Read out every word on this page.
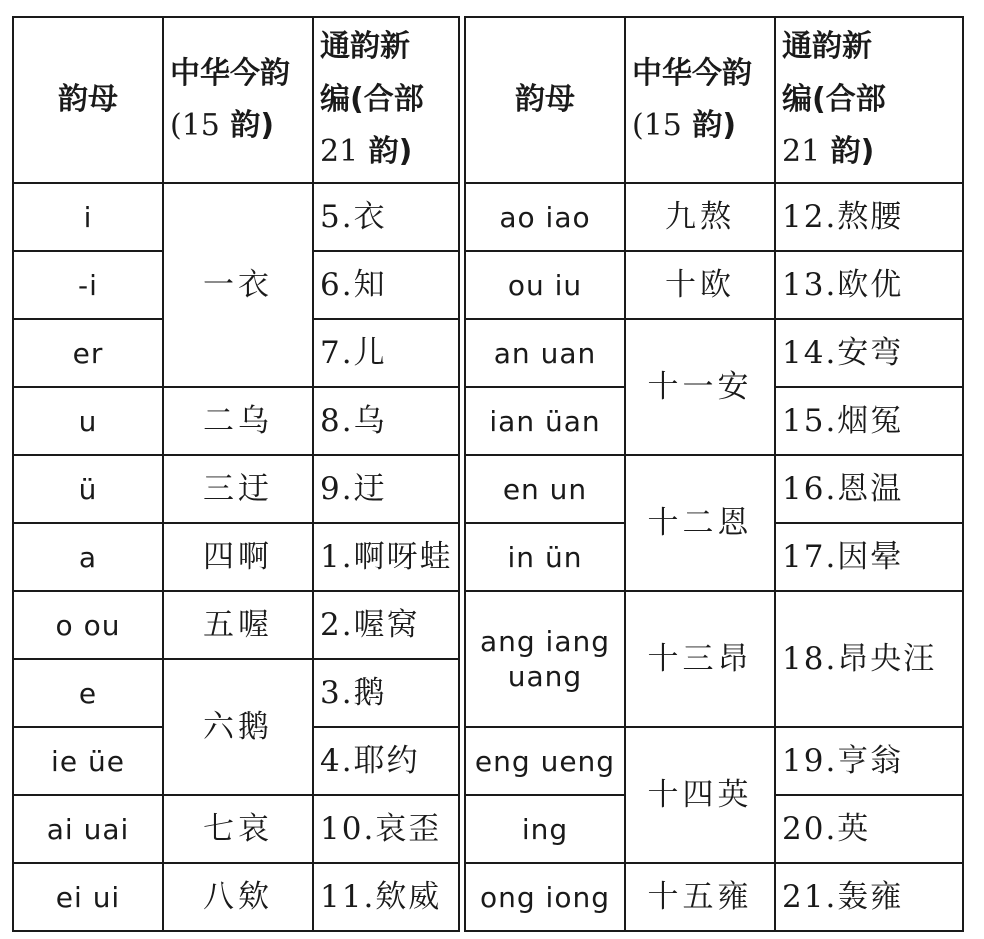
韵母	中华今韵
(15 韵)	通韵新
编(合部
21 韵)
i	一衣	5.衣
-i		6.知
er		7.儿
u	二乌	8.乌
ü	三迂	9.迂
a	四啊	1.啊呀蛙
o ou	五喔	2.喔窝
e	六鹅	3.鹅
ie üe		4.耶约
ai uai	七哀	10.哀歪
ei ui	八欸	11.欸威
韵母	中华今韵
(15 韵)	通韵新
编(合部
21 韵)
ao iao	九熬	12.熬腰
ou iu	十欧	13.欧优
an uan	十一安	14.安弯
ian üan		15.烟冤
en un	十二恩	16.恩温
in ün		17.因晕
ang iang
uang	十三昂	18.昂央汪

eng ueng	十四英	19.亨翁
ing		20.英
ong iong	十五雍	21.轰雍
